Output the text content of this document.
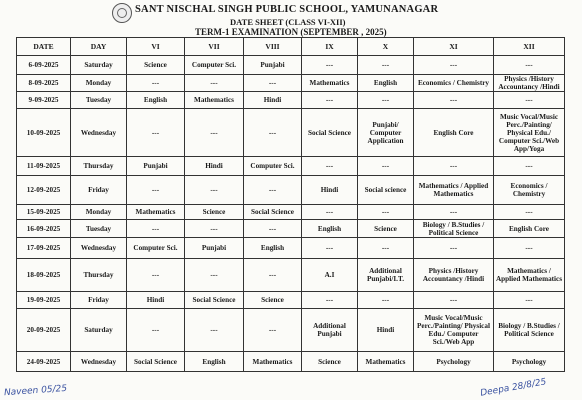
SANT NISCHAL SINGH PUBLIC SCHOOL, YAMUNANAGAR
DATE SHEET (CLASS VI-XII)
TERM-1 EXAMINATION (SEPTEMBER , 2025)
DATE	DAY	VI	VII	VIII	IX	X	XI	XII
6-09-2025	Saturday	Science	Computer Sci.	Punjabi	---	---	---	---
8-09-2025	Monday	---	---	---	Mathematics	English	Economics / Chemistry	Physics /History Accountancy /Hindi
9-09-2025	Tuesday	English	Mathematics	Hindi	---	---	---	---
10-09-2025	Wednesday	---	---	---	Social Science	Punjabi/ Computer Application	English Core	Music Vocal/Music Perc./Painting/ Physical Edu./ Computer Sci./Web App/Yoga
11-09-2025	Thursday	Punjabi	Hindi	Computer Sci.	---	---	---	---
12-09-2025	Friday	---	---	---	Hindi	Social science	Mathematics / Applied Mathematics	Economics / Chemistry
15-09-2025	Monday	Mathematics	Science	Social Science	---	---	---	---
16-09-2025	Tuesday	---	---	---	English	Science	Biology / B.Studies / Political Science	English Core
17-09-2025	Wednesday	Computer Sci.	Punjabi	English	---	---	---	---
18-09-2025	Thursday	---	---	---	A.I	Additional Punjabi/I.T.	Physics /History Accountancy /Hindi	Mathematics / Applied Mathematics
19-09-2025	Friday	Hindi	Social Science	Science	---	---	---	---
20-09-2025	Saturday	---	---	---	Additional Punjabi	Hindi	Music Vocal/Music Perc./Painting/ Physical Edu./ Computer Sci./Web App	Biology / B.Studies / Political Science
24-09-2025	Wednesday	Social Science	English	Mathematics	Science	Mathematics	Psychology	Psychology
Naveen 05/25	Deepa 28/8/25
